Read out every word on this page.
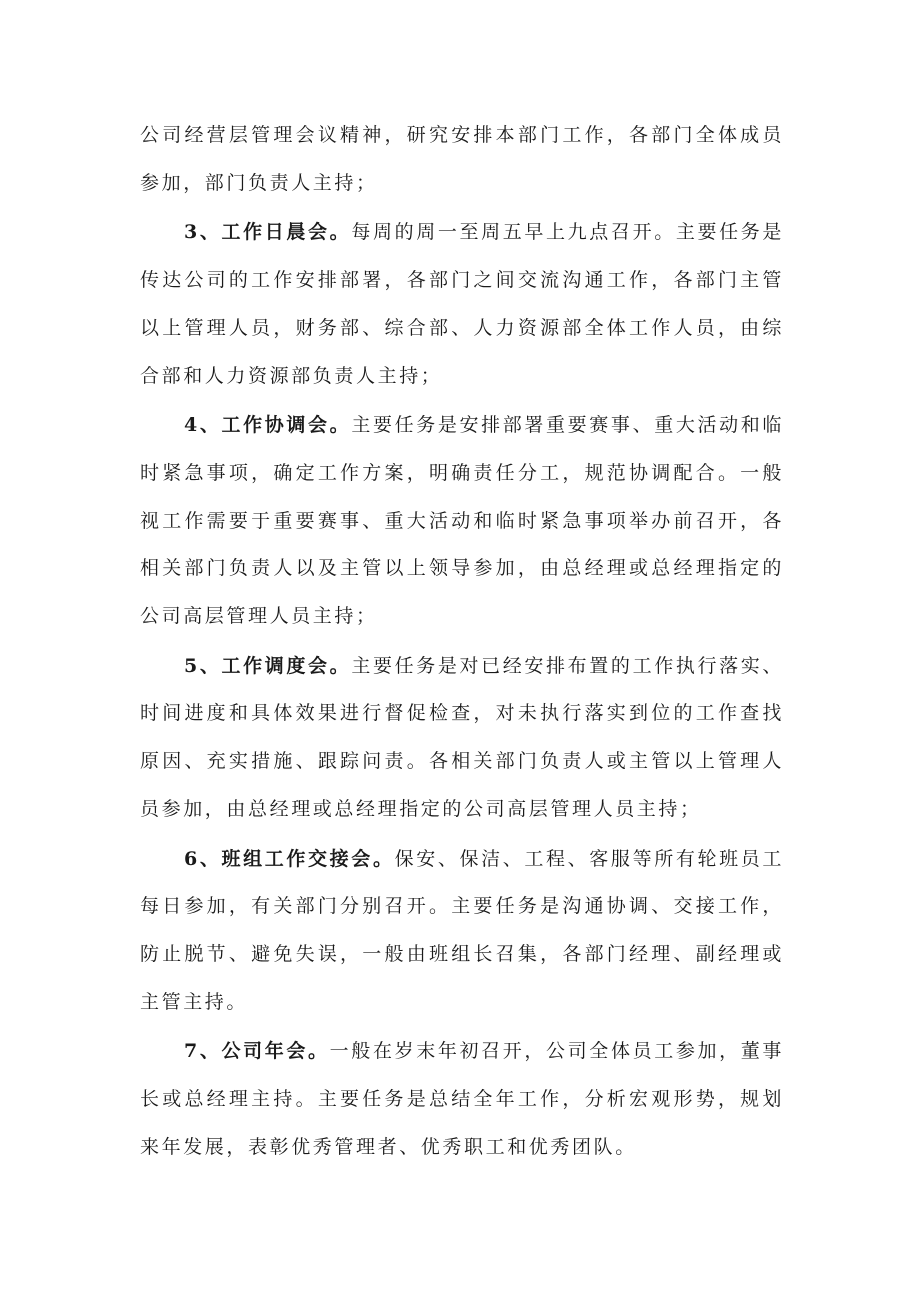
公司经营层管理会议精神，研究安排本部门工作，各部门全体成员参加，部门负责人主持；

3、工作日晨会。每周的周一至周五早上九点召开。主要任务是传达公司的工作安排部署，各部门之间交流沟通工作，各部门主管以上管理人员，财务部、综合部、人力资源部全体工作人员，由综合部和人力资源部负责人主持；

4、工作协调会。主要任务是安排部署重要赛事、重大活动和临时紧急事项，确定工作方案，明确责任分工，规范协调配合。一般视工作需要于重要赛事、重大活动和临时紧急事项举办前召开，各相关部门负责人以及主管以上领导参加，由总经理或总经理指定的公司高层管理人员主持；

5、工作调度会。主要任务是对已经安排布置的工作执行落实、时间进度和具体效果进行督促检查，对未执行落实到位的工作查找原因、充实措施、跟踪问责。各相关部门负责人或主管以上管理人员参加，由总经理或总经理指定的公司高层管理人员主持；

6、班组工作交接会。保安、保洁、工程、客服等所有轮班员工每日参加，有关部门分别召开。主要任务是沟通协调、交接工作，防止脱节、避免失误，一般由班组长召集，各部门经理、副经理或主管主持。

7、公司年会。一般在岁末年初召开，公司全体员工参加，董事长或总经理主持。主要任务是总结全年工作，分析宏观形势，规划来年发展，表彰优秀管理者、优秀职工和优秀团队。
